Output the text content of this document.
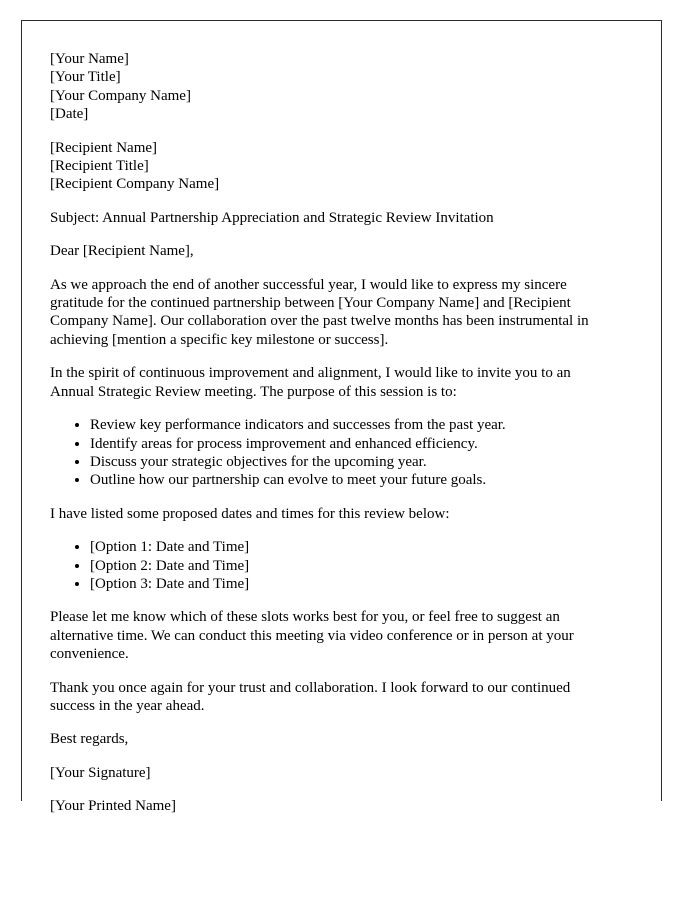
[Your Name]
[Your Title]
[Your Company Name]
[Date]
[Recipient Name]
[Recipient Title]
[Recipient Company Name]
Subject: Annual Partnership Appreciation and Strategic Review Invitation
Dear [Recipient Name],
As we approach the end of another successful year, I would like to express my sincere
gratitude for the continued partnership between [Your Company Name] and [Recipient
Company Name]. Our collaboration over the past twelve months has been instrumental in
achieving [mention a specific key milestone or success].
In the spirit of continuous improvement and alignment, I would like to invite you to an
Annual Strategic Review meeting. The purpose of this session is to:
• Review key performance indicators and successes from the past year.
• Identify areas for process improvement and enhanced efficiency.
• Discuss your strategic objectives for the upcoming year.
• Outline how our partnership can evolve to meet your future goals.
I have listed some proposed dates and times for this review below:
• [Option 1: Date and Time]
• [Option 2: Date and Time]
• [Option 3: Date and Time]
Please let me know which of these slots works best for you, or feel free to suggest an
alternative time. We can conduct this meeting via video conference or in person at your
convenience.
Thank you once again for your trust and collaboration. I look forward to our continued
success in the year ahead.
Best regards,
[Your Signature]
[Your Printed Name]
